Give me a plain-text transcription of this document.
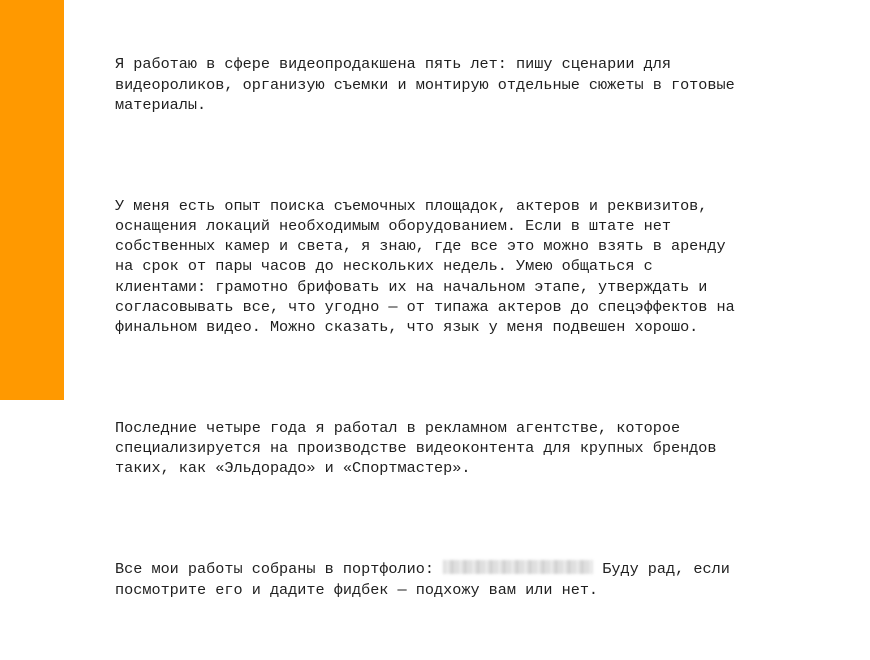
Я работаю в сфере видеопродакшена пять лет: пишу сценарии для
видеороликов, организую съемки и монтирую отдельные сюжеты в готовые
материалы.

У меня есть опыт поиска съемочных площадок, актеров и реквизитов,
оснащения локаций необходимым оборудованием. Если в штате нет
собственных камер и света, я знаю, где все это можно взять в аренду
на срок от пары часов до нескольких недель. Умею общаться с
клиентами: грамотно брифовать их на начальном этапе, утверждать и
согласовывать все, что угодно — от типажа актеров до спецэффектов на
финальном видео. Можно сказать, что язык у меня подвешен хорошо.

Последние четыре года я работал в рекламном агентстве, которое
специализируется на производстве видеоконтента для крупных брендов
таких, как «Эльдорадо» и «Спортмастер».

Все мои работы собраны в портфолио:	Буду рад, если
посмотрите его и дадите фидбек — подхожу вам или нет.
